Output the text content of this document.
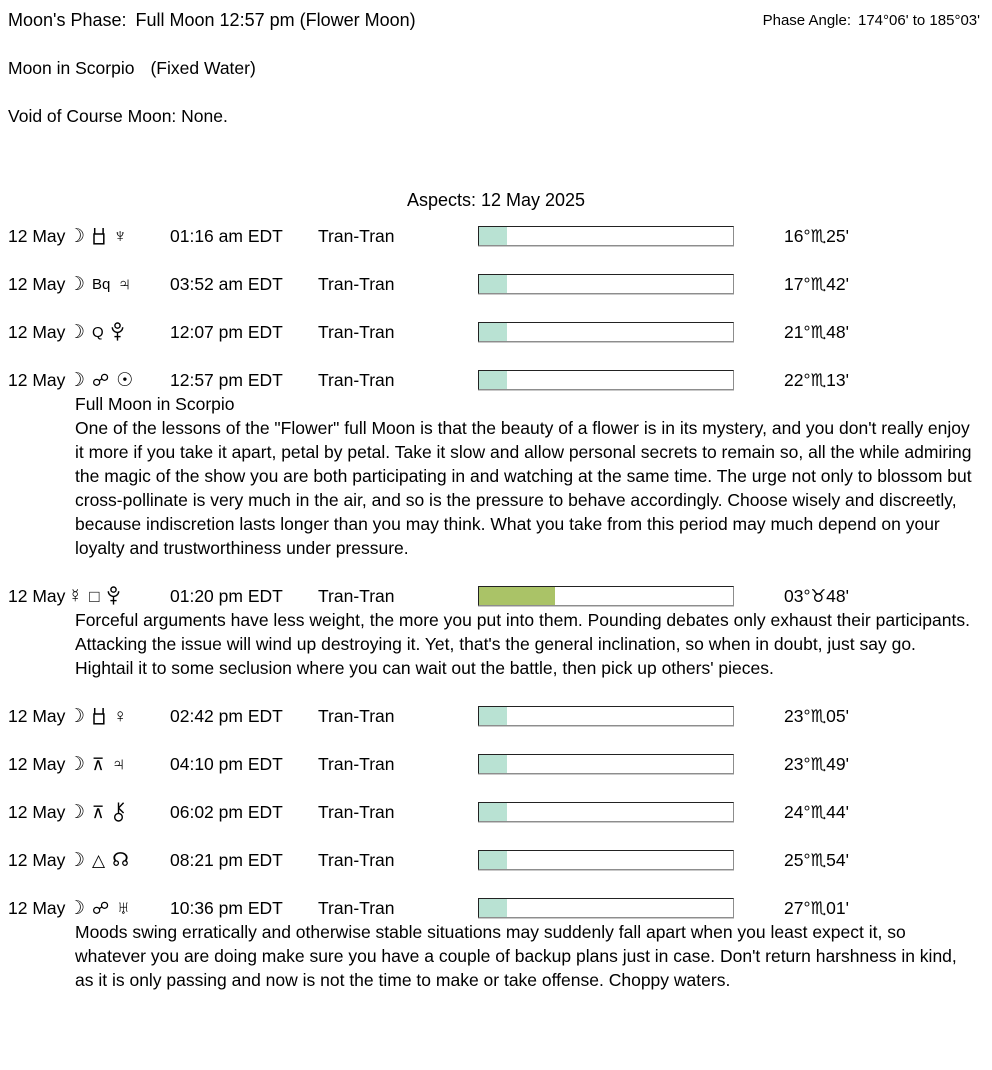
Moon's Phase: Full Moon 12:57 pm (Flower Moon)	Phase Angle: 174°06' to 185°03'
Moon in Scorpio (Fixed Water)
Void of Course Moon: None.
Aspects: 12 May 2025
12 May ☽ ♆ 01:16 am EDT Tran-Tran	16°♏25'
12 May ☽ Bq ♃ 03:52 am EDT Tran-Tran	17°♏42'
12 May ☽ Q	12:07 pm EDT Tran-Tran	21°♏48'
12 May ☽ ☍ ☉ 12:57 pm EDT Tran-Tran	22°♏13'
Full Moon in Scorpio
One of the lessons of the "Flower" full Moon is that the beauty of a flower is in its mystery, and you don't really enjoy it more if you take it apart, petal by petal. Take it slow and allow personal secrets to remain so, all the while admiring the magic of the show you are both participating in and watching at the same time. The urge not only to blossom but cross-pollinate is very much in the air, and so is the pressure to behave accordingly. Choose wisely and discreetly, because indiscretion lasts longer than you may think. What you take from this period may much depend on your loyalty and trustworthiness under pressure.
12 May ☿ □	01:20 pm EDT Tran-Tran	03°♉48'
Forceful arguments have less weight, the more you put into them. Pounding debates only exhaust their participants. Attacking the issue will wind up destroying it. Yet, that's the general inclination, so when in doubt, just say go. Hightail it to some seclusion where you can wait out the battle, then pick up others' pieces.
12 May ☽ ♀ 02:42 pm EDT Tran-Tran	23°♏05'
12 May ☽ ⊼ ♃	04:10 pm EDT Tran-Tran	23°♏49'
12 May ☽ ⊼	06:02 pm EDT Tran-Tran	24°♏44'
12 May ☽ △ ☊ 08:21 pm EDT Tran-Tran	25°♏54'
12 May ☽ ☍ ♅ 10:36 pm EDT Tran-Tran	27°♏01'
Moods swing erratically and otherwise stable situations may suddenly fall apart when you least expect it, so whatever you are doing make sure you have a couple of backup plans just in case. Don't return harshness in kind, as it is only passing and now is not the time to make or take offense. Choppy waters.
